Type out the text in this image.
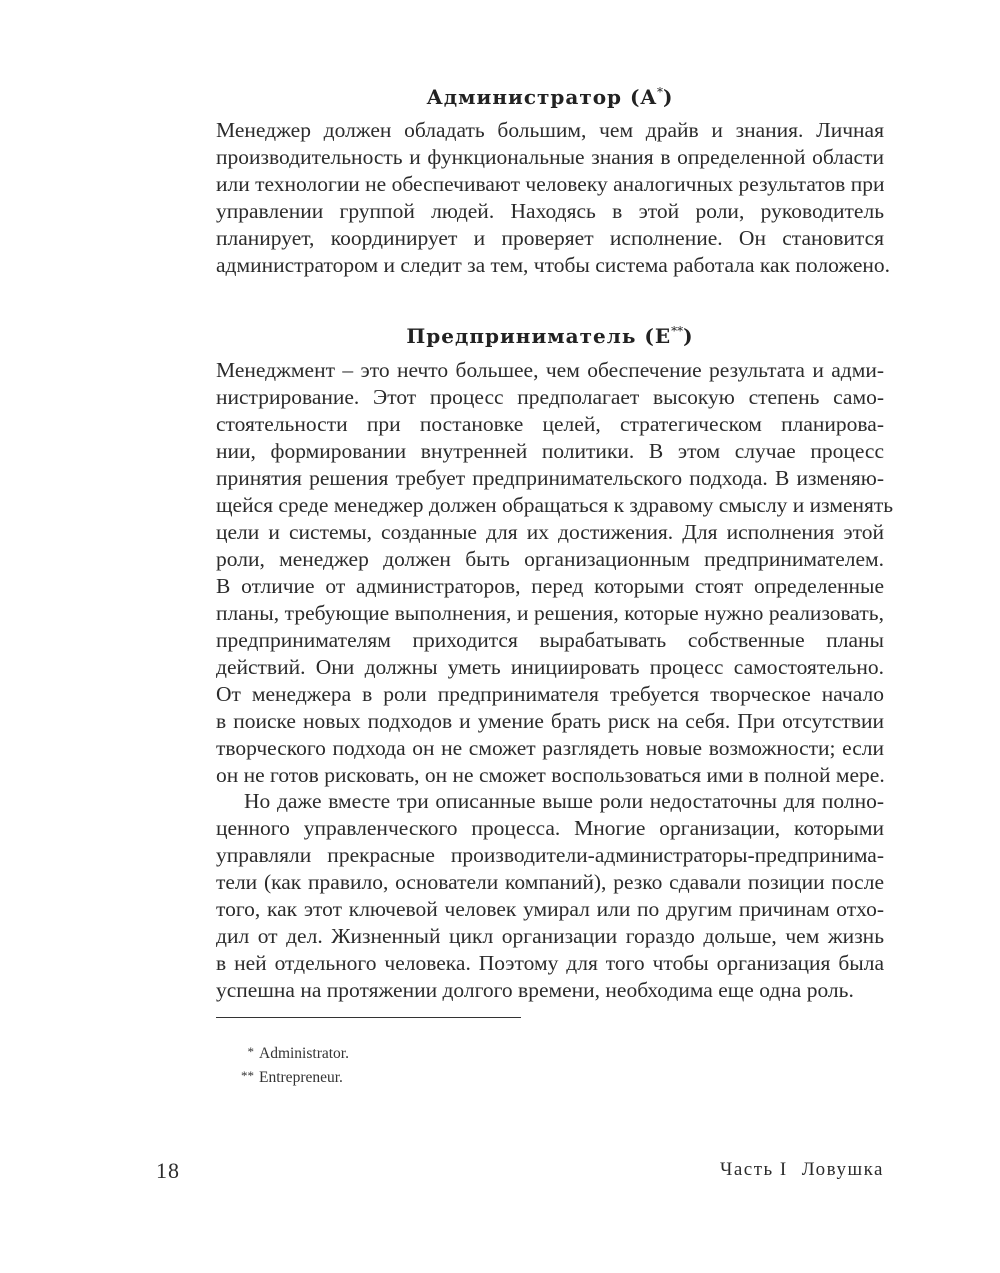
Администратор (A*)

Менеджер должен обладать большим, чем драйв и знания. Личная
производительность и функциональные знания в определенной области
или технологии не обеспечивают человеку аналогичных результатов при
управлении группой людей. Находясь в этой роли, руководитель
планирует, координирует и проверяет исполнение. Он становится
администратором и следит за тем, чтобы система работала как положено.

Предприниматель (E**)

Менеджмент – это нечто большее, чем обеспечение результата и адми-
нистрирование. Этот процесс предполагает высокую степень само-
стоятельности при постановке целей, стратегическом планирова-
нии, формировании внутренней политики. В этом случае процесс
принятия решения требует предпринимательского подхода. В изменяю-
щейся среде менеджер должен обращаться к здравому смыслу и изменять
цели и системы, созданные для их достижения. Для исполнения этой
роли, менеджер должен быть организационным предпринимателем.
В отличие от администраторов, перед которыми стоят определенные
планы, требующие выполнения, и решения, которые нужно реализовать,
предпринимателям приходится вырабатывать собственные планы
действий. Они должны уметь инициировать процесс самостоятельно.
От менеджера в роли предпринимателя требуется творческое начало
в поиске новых подходов и умение брать риск на себя. При отсутствии
творческого подхода он не сможет разглядеть новые возможности; если
он не готов рисковать, он не сможет воспользоваться ими в полной мере.

Но даже вместе три описанные выше роли недостаточны для полно-
ценного управленческого процесса. Многие организации, которыми
управляли прекрасные производители-администраторы-предпринима-
тели (как правило, основатели компаний), резко сдавали позиции после
того, как этот ключевой человек умирал или по другим причинам отхо-
дил от дел. Жизненный цикл организации гораздо дольше, чем жизнь
в ней отдельного человека. Поэтому для того чтобы организация была
успешна на протяжении долгого времени, необходима еще одна роль.

* Administrator.
** Entrepreneur.
18	Часть I Ловушка
